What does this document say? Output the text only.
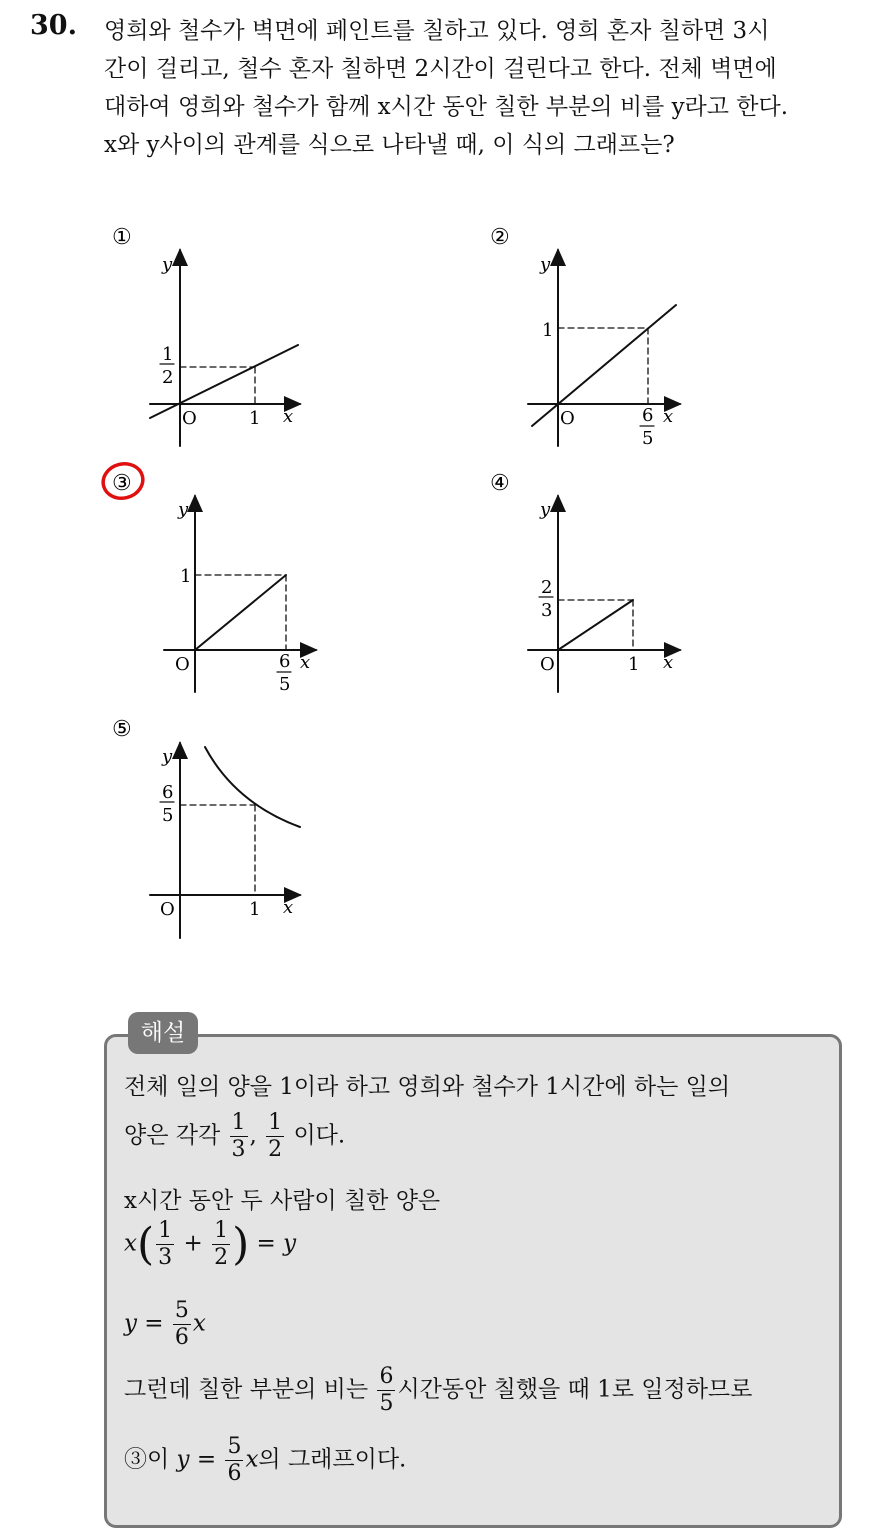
30. 영희와 철수가 벽면에 페인트를 칠하고 있다. 영희 혼자 칠하면 3시
간이 걸리고, 철수 혼자 칠하면 2시간이 걸린다고 한다. 전체 벽면에
대하여 영희와 철수가 함께 x시간 동안 칠한 부분의 비를 y라고 한다.
x와 y사이의 관계를 식으로 나타낼 때, 이 식의 그래프는?
①
y
x
O
1
2
1
②
y
x
O
1
6
5
③
y
x
O
1
6
5
④
y
x
O
2
3
1
⑤
y
x
O
6
5
1
해설
전체 일의 양을 1이라 하고 영희와 철수가 1시간에 하는 일의
양은 각각 $\frac{1}{3}$ , $\frac{1}{2}$ 이다.
x시간 동안 두 사람이 칠한 양은
$x( \frac{1}{3} + \frac{1}{2}$ ) = y
$y = \frac{5}{6}$ x
그런데 칠한 부분의 비는 $\frac{6}{5}$ 시간동안 칠했을 때 1로 일정하므로
③이 $y = \frac{5}{6}$ x의 그래프이다.
